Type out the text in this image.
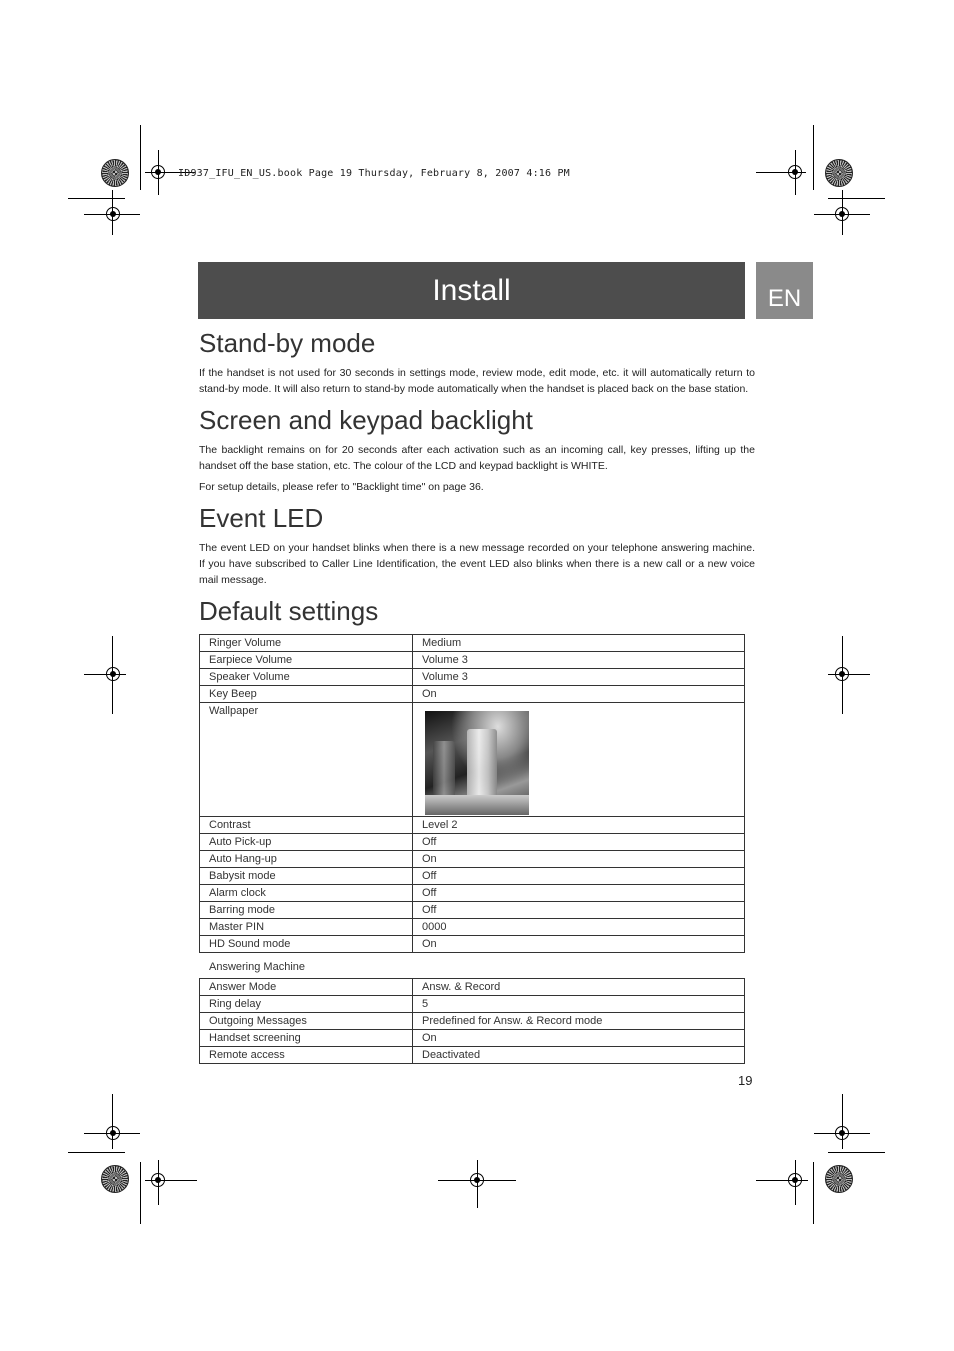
ID937_IFU_EN_US.book Page 19 Thursday, February 8, 2007 4:16 PM
Install	EN
Stand-by mode

If the handset is not used for 30 seconds in settings mode, review mode, edit mode, etc. it will automatically return to stand-by mode. It will also return to stand-by mode automatically when the handset is placed back on the base station.

Screen and keypad backlight

The backlight remains on for 20 seconds after each activation such as an incoming call, key presses, lifting up the handset off the base station, etc. The colour of the LCD and keypad backlight is WHITE.

For setup details, please refer to "Backlight time" on page 36.

Event LED

The event LED on your handset blinks when there is a new message recorded on your telephone answering machine. If you have subscribed to Caller Line Identification, the event LED also blinks when there is a new call or a new voice mail message.

Default settings
Ringer Volume	Medium
Earpiece Volume	Volume 3
Speaker Volume	Volume 3
Key Beep	On
Wallpaper	
Contrast	Level 2
Auto Pick-up	Off
Auto Hang-up	On
Babysit mode	Off
Alarm clock	Off
Barring mode	Off
Master PIN	0000
HD Sound mode	On
Answering Machine
Answer Mode	Answ. & Record
Ring delay	5
Outgoing Messages	Predefined for Answ. & Record mode
Handset screening	On
Remote access	Deactivated
19
